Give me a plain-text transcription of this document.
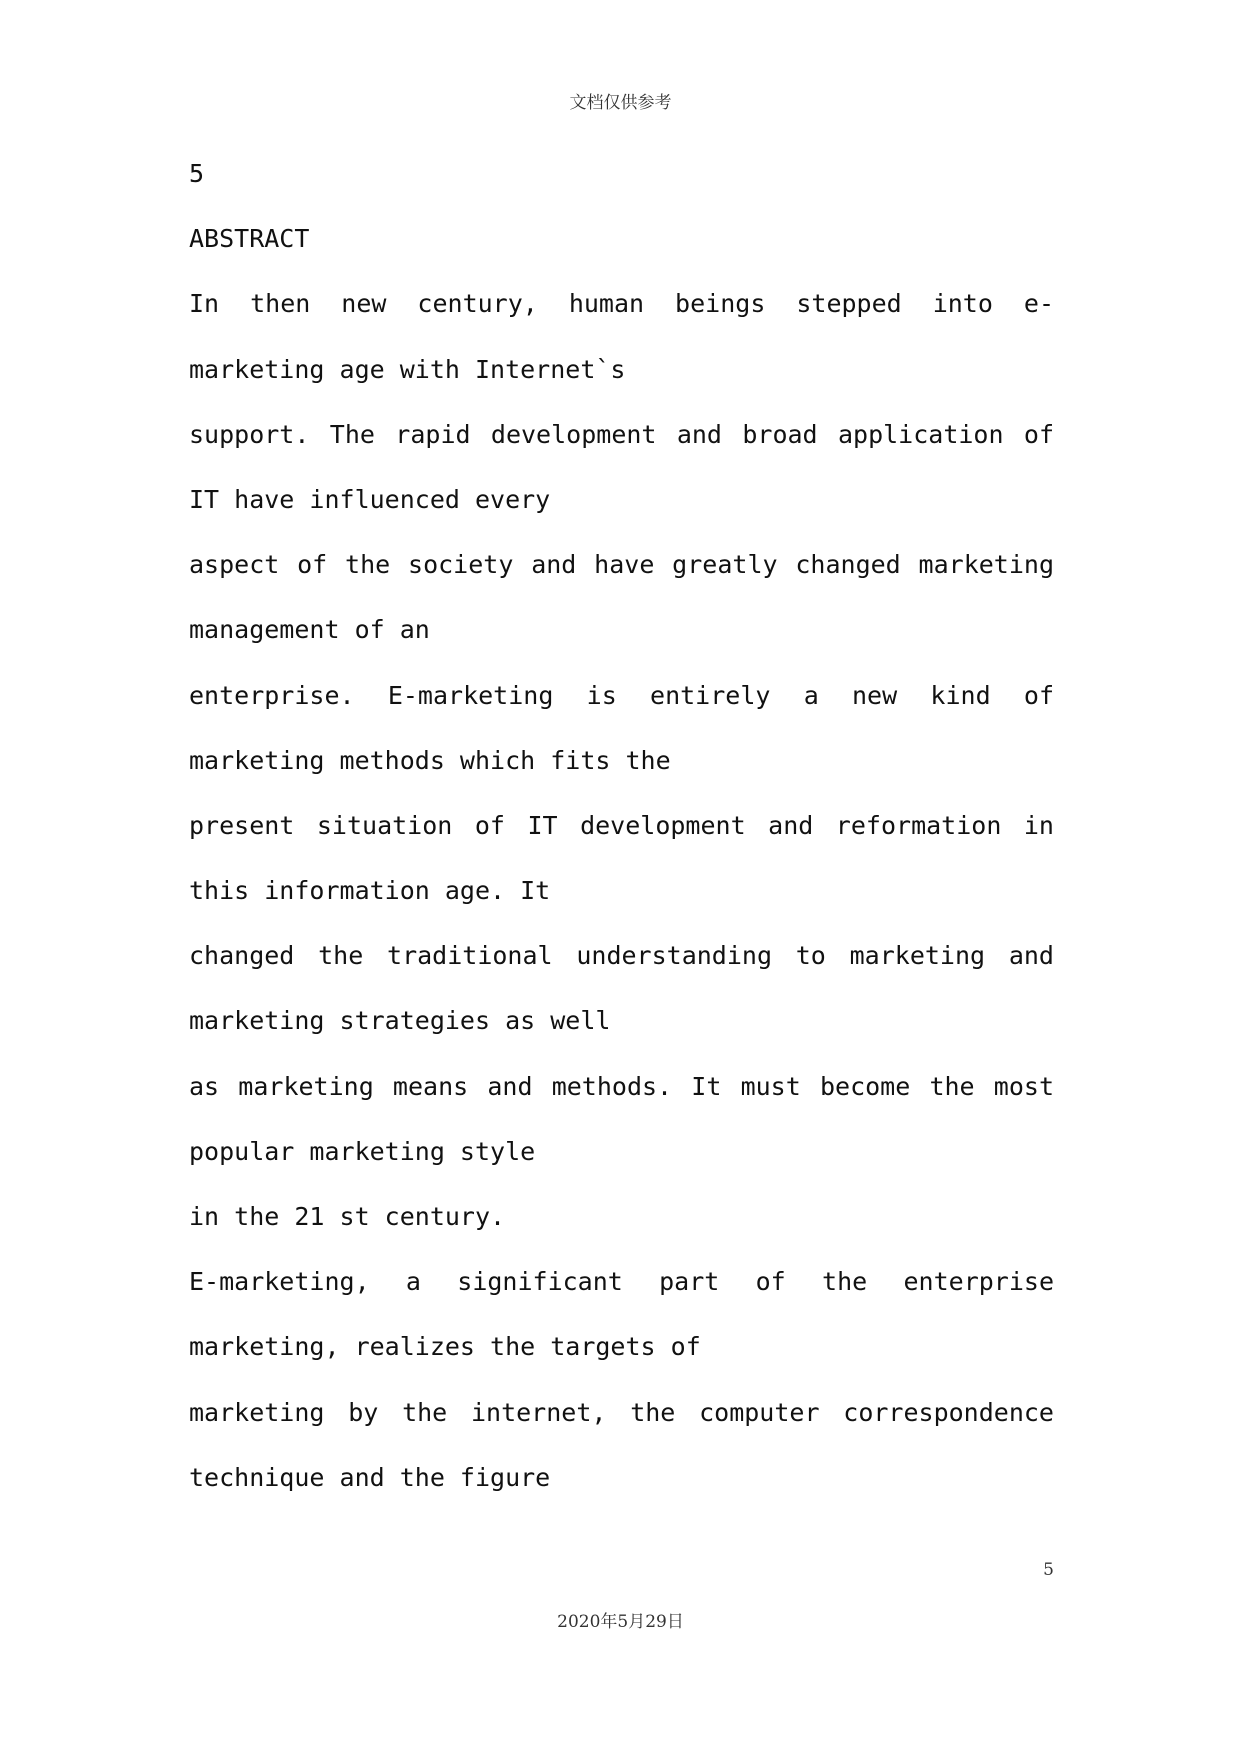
文档仅供参考
5
ABSTRACT
In then new century, human beings stepped into e-
marketing age with Internet`s
support. The rapid development and broad application of
IT have influenced every
aspect of the society and have greatly changed marketing
management of an
enterprise. E-marketing is entirely a new kind of
marketing methods which fits the
present situation of IT development and reformation in
this information age. It
changed the traditional understanding to marketing and
marketing strategies as well
as marketing means and methods. It must become the most
popular marketing style
in the 21 st century.
E-marketing, a significant part of the enterprise
marketing, realizes the targets of
marketing by the internet, the computer correspondence
technique and the figure
5
2020年5月29日
